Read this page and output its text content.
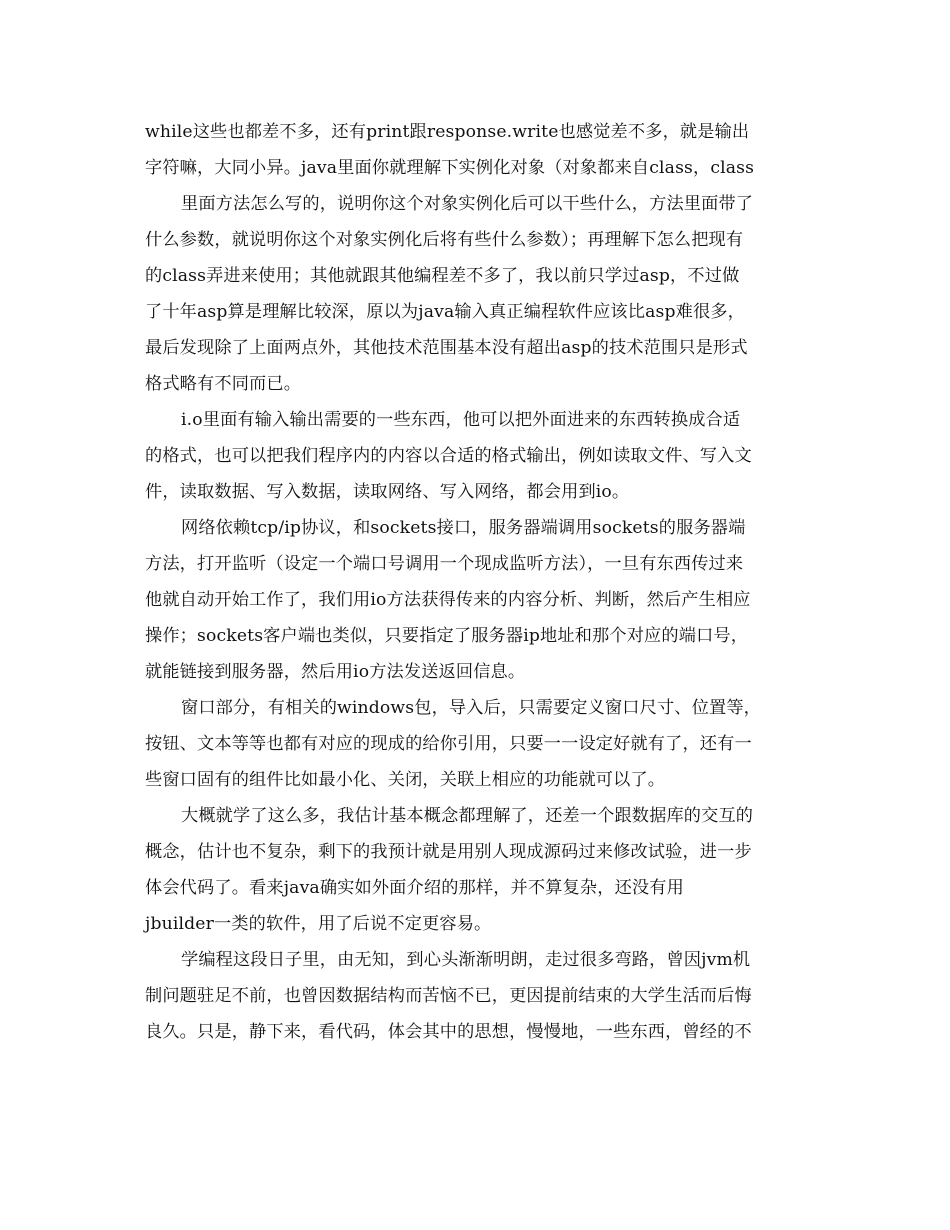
while这些也都差不多，还有print跟response.write也感觉差不多，就是输出
字符嘛，大同小异。java里面你就理解下实例化对象（对象都来自class，class

里面方法怎么写的，说明你这个对象实例化后可以干些什么，方法里面带了
什么参数，就说明你这个对象实例化后将有些什么参数）；再理解下怎么把现有
的class弄进来使用；其他就跟其他编程差不多了，我以前只学过asp，不过做
了十年asp算是理解比较深，原以为java输入真正编程软件应该比asp难很多，
最后发现除了上面两点外，其他技术范围基本没有超出asp的技术范围只是形式
格式略有不同而已。

i.o里面有输入输出需要的一些东西，他可以把外面进来的东西转换成合适
的格式，也可以把我们程序内的内容以合适的格式输出，例如读取文件、写入文
件，读取数据、写入数据，读取网络、写入网络，都会用到io。

网络依赖tcp/ip协议，和sockets接口，服务器端调用sockets的服务器端
方法，打开监听（设定一个端口号调用一个现成监听方法），一旦有东西传过来
他就自动开始工作了，我们用io方法获得传来的内容分析、判断，然后产生相应
操作；sockets客户端也类似，只要指定了服务器ip地址和那个对应的端口号，
就能链接到服务器，然后用io方法发送返回信息。

窗口部分，有相关的windows包，导入后，只需要定义窗口尺寸、位置等，
按钮、文本等等也都有对应的现成的给你引用，只要一一设定好就有了，还有一
些窗口固有的组件比如最小化、关闭，关联上相应的功能就可以了。

大概就学了这么多，我估计基本概念都理解了，还差一个跟数据库的交互的
概念，估计也不复杂，剩下的我预计就是用别人现成源码过来修改试验，进一步
体会代码了。看来java确实如外面介绍的那样，并不算复杂，还没有用
jbuilder一类的软件，用了后说不定更容易。

学编程这段日子里，由无知，到心头渐渐明朗，走过很多弯路，曾因jvm机
制问题驻足不前，也曾因数据结构而苦恼不已，更因提前结束的大学生活而后悔
良久。只是，静下来，看代码，体会其中的思想，慢慢地，一些东西，曾经的不
